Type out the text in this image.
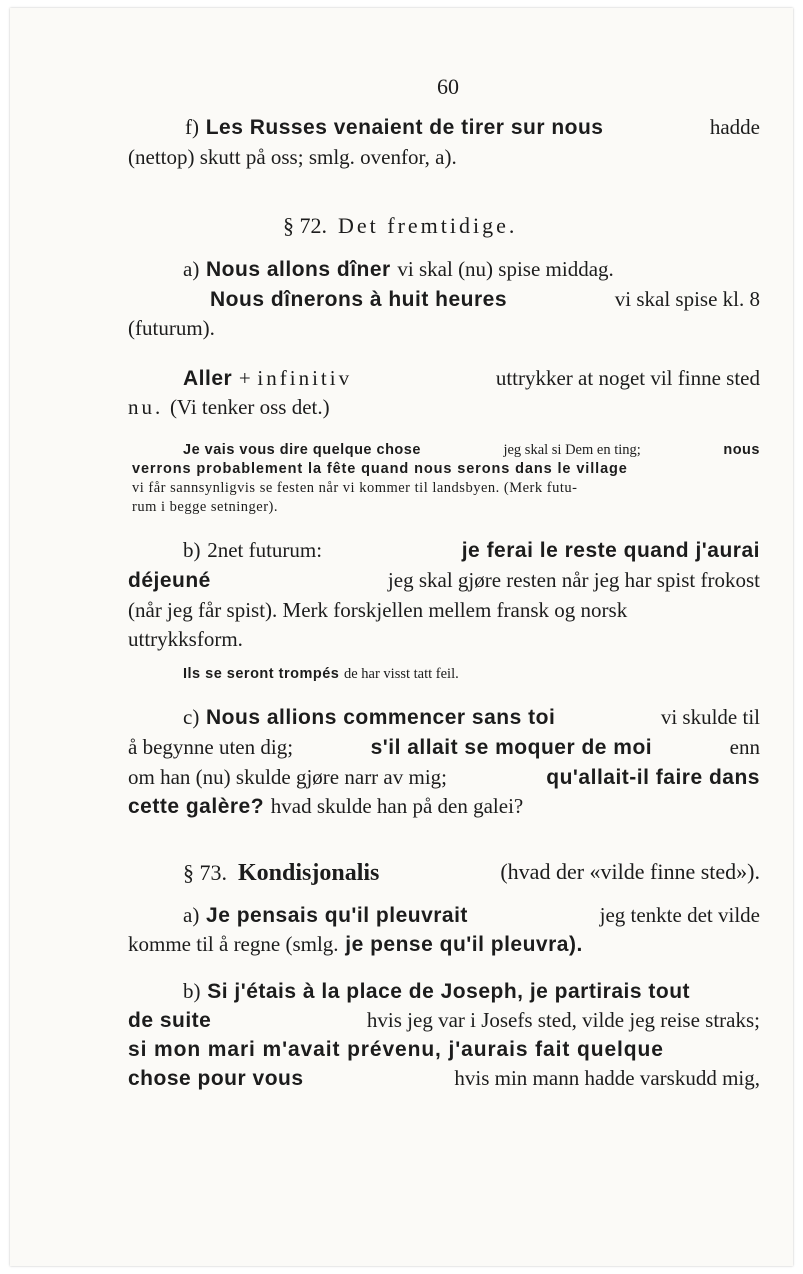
60
f) Les Russes venaient de tirer sur nous	hadde
(nettop) skutt på oss; smlg. ovenfor, a).
§ 72. Det fremtidige.
a) Nous allons dîner vi skal (nu) spise middag.
Nous dînerons à huit heures	vi skal spise kl. 8
(futurum).
Aller + infinitiv	uttrykker at noget vil finne sted
nu. (Vi tenker oss det.)
Je vais vous dire quelque chose	jeg skal si Dem en ting;	nous
verrons probablement la fête quand nous serons dans le village
vi får sannsynligvis se festen når vi kommer til landsbyen. (Merk futu-
rum i begge setninger).
b) 2net futurum:	je ferai le reste quand j'aurai
déjeuné	jeg skal gjøre resten når jeg har spist frokost
(når jeg får spist). Merk forskjellen mellem fransk og norsk
uttrykksform.
Ils se seront trompés de har visst tatt feil.
c) Nous allions commencer sans toi	vi skulde til
å begynne uten dig;	s'il allait se moquer de moi	enn
om han (nu) skulde gjøre narr av mig;	qu'allait-il faire dans
cette galère? hvad skulde han på den galei?
§ 73. Kondisjonalis	(hvad der «vilde finne sted»).
a) Je pensais qu'il pleuvrait	jeg tenkte det vilde
komme til å regne (smlg. je pense qu'il pleuvra).
b) Si j'étais à la place de Joseph, je partirais tout
de suite	hvis jeg var i Josefs sted, vilde jeg reise straks;
si mon mari m'avait prévenu, j'aurais fait quelque
chose pour vous	hvis min mann hadde varskudd mig,
